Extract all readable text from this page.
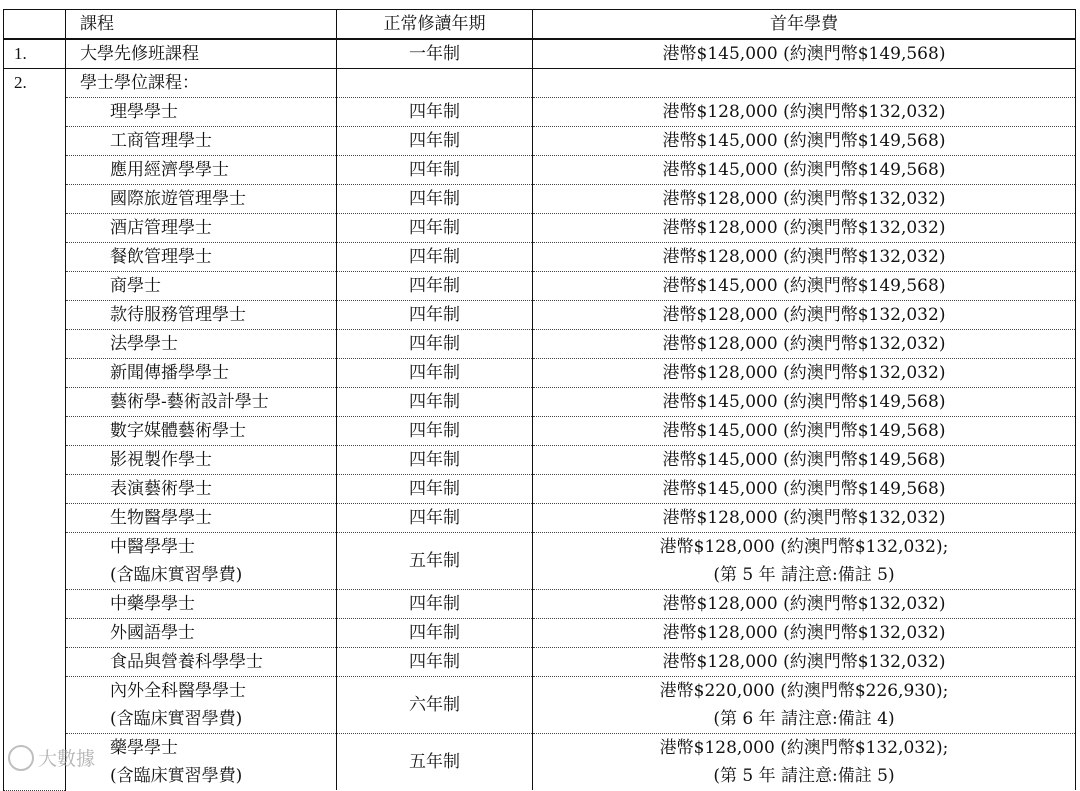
	課程	正常修讀年期	首年學費
1.	大學先修班課程	一年制	港幣$145,000 (約澳門幣$149,568)

2.	學士學位課程：		

	理學學士	四年制	港幣$128,000 (約澳門幣$132,032)

	工商管理學士	四年制	港幣$145,000 (約澳門幣$149,568)

	應用經濟學學士	四年制	港幣$145,000 (約澳門幣$149,568)

	國際旅遊管理學士	四年制	港幣$128,000 (約澳門幣$132,032)

	酒店管理學士	四年制	港幣$128,000 (約澳門幣$132,032)

	餐飲管理學士	四年制	港幣$128,000 (約澳門幣$132,032)

	商學士	四年制	港幣$145,000 (約澳門幣$149,568)

	款待服務管理學士	四年制	港幣$128,000 (約澳門幣$132,032)

	法學學士	四年制	港幣$128,000 (約澳門幣$132,032)

	新聞傳播學學士	四年制	港幣$128,000 (約澳門幣$132,032)

	藝術學-藝術設計學士	四年制	港幣$145,000 (約澳門幣$149,568)

	數字媒體藝術學士	四年制	港幣$145,000 (約澳門幣$149,568)

	影視製作學士	四年制	港幣$145,000 (約澳門幣$149,568)

	表演藝術學士	四年制	港幣$145,000 (約澳門幣$149,568)

	生物醫學學士	四年制	港幣$128,000 (約澳門幣$132,032)

	中醫學學士
(含臨床實習學費)	五年制	港幣$128,000 (約澳門幣$132,032);
(第 5 年 請注意:備註 5)

	中藥學學士	四年制	港幣$128,000 (約澳門幣$132,032)

	外國語學士	四年制	港幣$128,000 (約澳門幣$132,032)

	食品與營養科學學士	四年制	港幣$128,000 (約澳門幣$132,032)

	內外全科醫學學士
(含臨床實習學費)	六年制	港幣$220,000 (約澳門幣$226,930);
(第 6 年 請注意:備註 4)

	藥學學士
(含臨床實習學費)	五年制	港幣$128,000 (約澳門幣$132,032);
(第 5 年 請注意:備註 5)
大數據
